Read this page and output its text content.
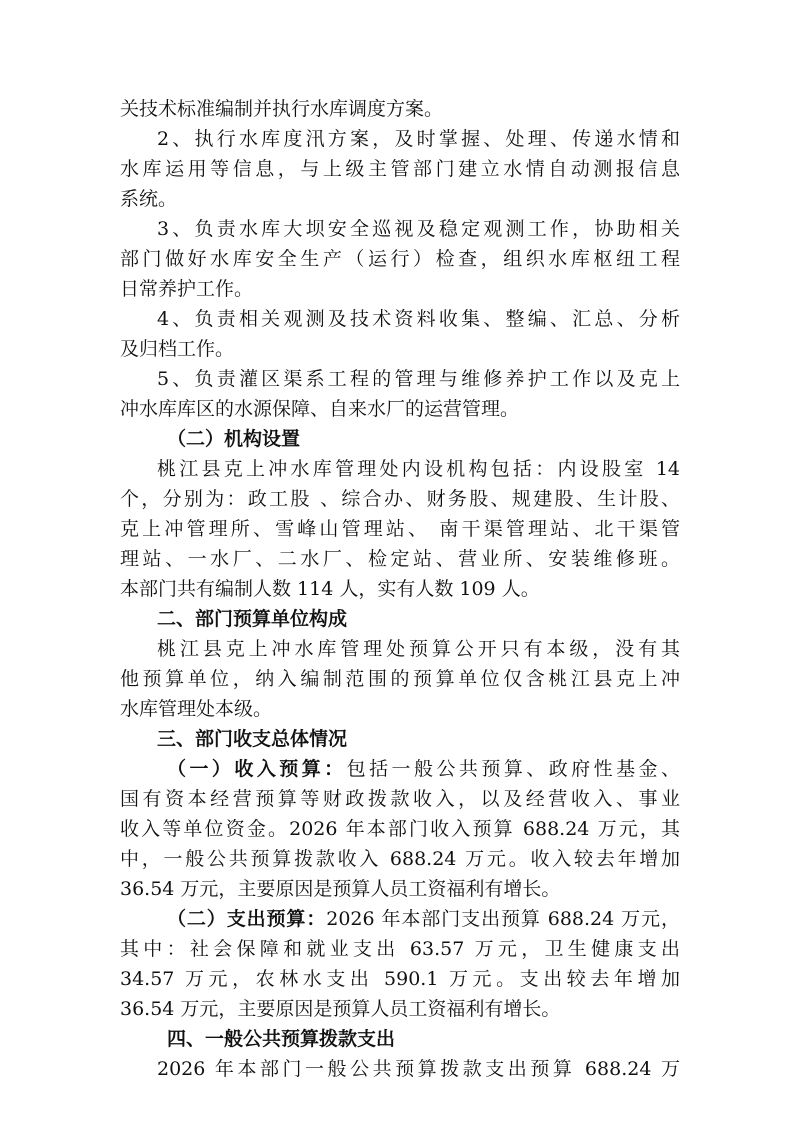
关技术标准编制并执行水库调度方案。
2、执行水库度汛方案，及时掌握、处理、传递水情和
水库运用等信息，与上级主管部门建立水情自动测报信息
系统。
3、负责水库大坝安全巡视及稳定观测工作，协助相关
部门做好水库安全生产（运行）检查，组织水库枢纽工程
日常养护工作。
4、负责相关观测及技术资料收集、整编、汇总、分析
及归档工作。
5、负责灌区渠系工程的管理与维修养护工作以及克上
冲水库库区的水源保障、自来水厂的运营管理。
（二）机构设置
桃江县克上冲水库管理处内设机构包括：内设股室 14
个，分别为：政工股 、综合办、财务股、规建股、生计股、
克上冲管理所、雪峰山管理站、 南干渠管理站、北干渠管
理站、一水厂、二水厂、检定站、营业所、安装维修班。
本部门共有编制人数 114 人，实有人数 109 人。
二、部门预算单位构成
桃江县克上冲水库管理处预算公开只有本级，没有其
他预算单位，纳入编制范围的预算单位仅含桃江县克上冲
水库管理处本级。
三、部门收支总体情况
（一）收入预算：包括一般公共预算、政府性基金、
国有资本经营预算等财政拨款收入，以及经营收入、事业
收入等单位资金。2026 年本部门收入预算 688.24 万元，其
中，一般公共预算拨款收入 688.24 万元。收入较去年增加
36.54 万元，主要原因是预算人员工资福利有增长。
（二）支出预算：2026 年本部门支出预算 688.24 万元，
其中：社会保障和就业支出 63.57 万元，卫生健康支出
34.57 万元，农林水支出 590.1 万元。支出较去年增加
36.54 万元，主要原因是预算人员工资福利有增长。
四、一般公共预算拨款支出
2026 年本部门一般公共预算拨款支出预算 688.24 万
